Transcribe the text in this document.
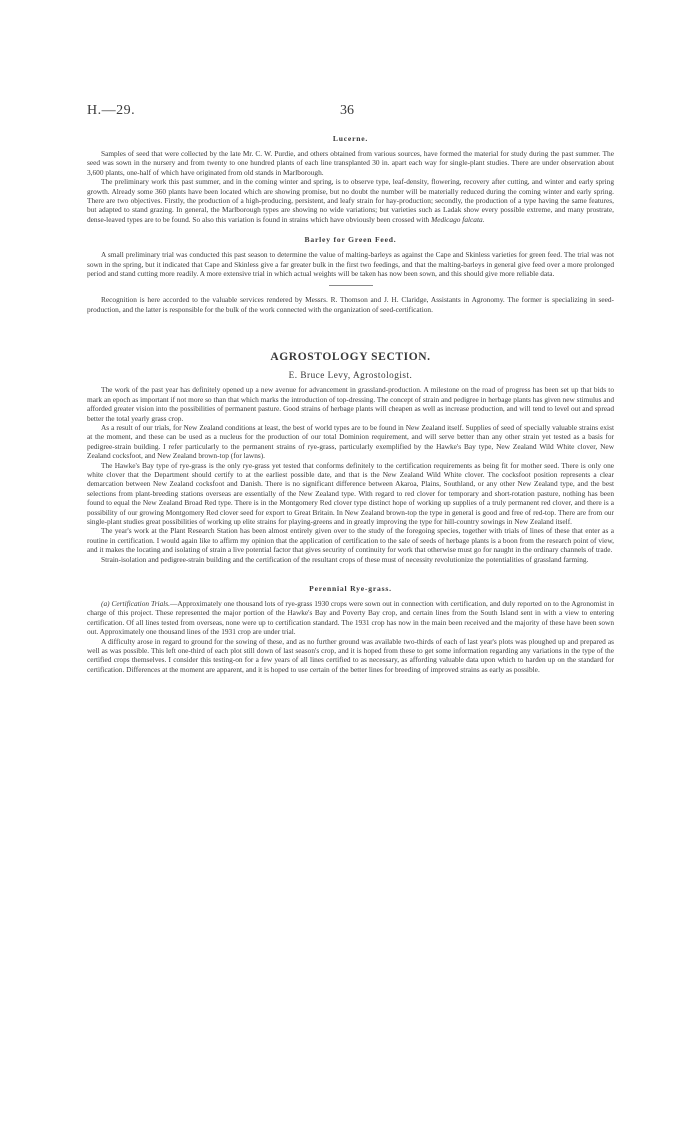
H.—29.	36
Lucerne.

Samples of seed that were collected by the late Mr. C. W. Purdie, and others obtained from various sources, have formed the material for study during the past summer. The seed was sown in the nursery and from twenty to one hundred plants of each line transplanted 30 in. apart each way for single-plant studies. There are under observation about 3,600 plants, one-half of which have originated from old stands in Marlborough.

The preliminary work this past summer, and in the coming winter and spring, is to observe type, leaf-density, flowering, recovery after cutting, and winter and early spring growth. Already some 360 plants have been located which are showing promise, but no doubt the number will be materially reduced during the coming winter and early spring. There are two objectives. Firstly, the production of a high-producing, persistent, and leafy strain for hay-production; secondly, the production of a type having the same features, but adapted to stand grazing. In general, the Marlborough types are showing no wide variations; but varieties such as Ladak show every possible extreme, and many prostrate, dense-leaved types are to be found. So also this variation is found in strains which have obviously been crossed with Medicago falcata.

Barley for Green Feed.

A small preliminary trial was conducted this past season to determine the value of malting-barleys as against the Cape and Skinless varieties for green feed. The trial was not sown in the spring, but it indicated that Cape and Skinless give a far greater bulk in the first two feedings, and that the malting-barleys in general give feed over a more prolonged period and stand cutting more readily. A more extensive trial in which actual weights will be taken has now been sown, and this should give more reliable data.

Recognition is here accorded to the valuable services rendered by Messrs. R. Thomson and J. H. Claridge, Assistants in Agronomy. The former is specializing in seed-production, and the latter is responsible for the bulk of the work connected with the organization of seed-certification.

AGROSTOLOGY SECTION.
E. Bruce Levy, Agrostologist.

The work of the past year has definitely opened up a new avenue for advancement in grassland-production. A milestone on the road of progress has been set up that bids to mark an epoch as important if not more so than that which marks the introduction of top-dressing. The concept of strain and pedigree in herbage plants has given new stimulus and afforded greater vision into the possibilities of permanent pasture. Good strains of herbage plants will cheapen as well as increase production, and will tend to level out and spread better the total yearly grass crop.

As a result of our trials, for New Zealand conditions at least, the best of world types are to be found in New Zealand itself. Supplies of seed of specially valuable strains exist at the moment, and these can be used as a nucleus for the production of our total Dominion requirement, and will serve better than any other strain yet tested as a basis for pedigree-strain building. I refer particularly to the permanent strains of rye-grass, particularly exemplified by the Hawke's Bay type, New Zealand Wild White clover, New Zealand cocksfoot, and New Zealand brown-top (for lawns).

The Hawke's Bay type of rye-grass is the only rye-grass yet tested that conforms definitely to the certification requirements as being fit for mother seed. There is only one white clover that the Department should certify to at the earliest possible date, and that is the New Zealand Wild White clover. The cocksfoot position represents a clear demarcation between New Zealand cocksfoot and Danish. There is no significant difference between Akaroa, Plains, Southland, or any other New Zealand type, and the best selections from plant-breeding stations overseas are essentially of the New Zealand type. With regard to red clover for temporary and short-rotation pasture, nothing has been found to equal the New Zealand Broad Red type. There is in the Montgomery Red clover type distinct hope of working up supplies of a truly permanent red clover, and there is a possibility of our growing Montgomery Red clover seed for export to Great Britain. In New Zealand brown-top the type in general is good and free of red-top. There are from our single-plant studies great possibilities of working up elite strains for playing-greens and in greatly improving the type for hill-country sowings in New Zealand itself.

The year's work at the Plant Research Station has been almost entirely given over to the study of the foregoing species, together with trials of lines of these that enter as a routine in certification. I would again like to affirm my opinion that the application of certification to the sale of seeds of herbage plants is a boon from the research point of view, and it makes the locating and isolating of strain a live potential factor that gives security of continuity for work that otherwise must go for naught in the ordinary channels of trade.

Strain-isolation and pedigree-strain building and the certification of the resultant crops of these must of necessity revolutionize the potentialities of grassland farming.

Perennial Rye-grass.

(a) Certification Trials.—Approximately one thousand lots of rye-grass 1930 crops were sown out in connection with certification, and duly reported on to the Agronomist in charge of this project. These represented the major portion of the Hawke's Bay and Poverty Bay crop, and certain lines from the South Island sent in with a view to entering certification. Of all lines tested from overseas, none were up to certification standard. The 1931 crop has now in the main been received and the majority of these have been sown out. Approximately one thousand lines of the 1931 crop are under trial.

A difficulty arose in regard to ground for the sowing of these, and as no further ground was available two-thirds of each of last year's plots was ploughed up and prepared as well as was possible. This left one-third of each plot still down of last season's crop, and it is hoped from these to get some information regarding any variations in the type of the certified crops themselves. I consider this testing-on for a few years of all lines certified to as necessary, as affording valuable data upon which to harden up on the standard for certification. Differences at the moment are apparent, and it is hoped to use certain of the better lines for breeding of improved strains as early as possible.
